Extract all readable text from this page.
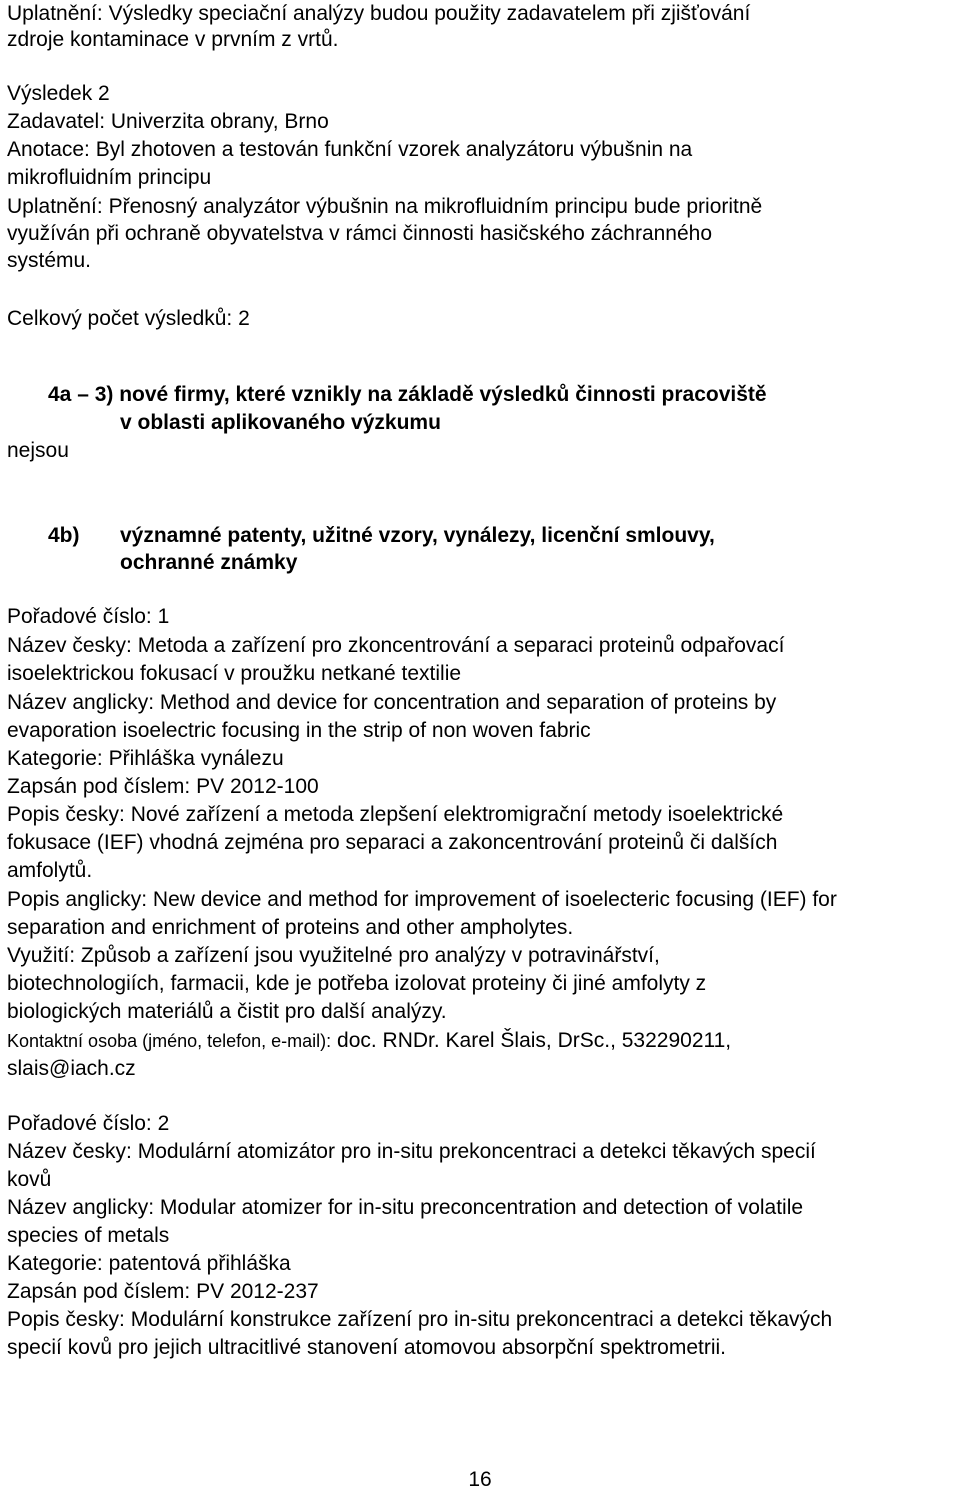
Uplatnění: Výsledky speciační analýzy budou použity zadavatelem při zjišťování
zdroje kontaminace v prvním z vrtů.
Výsledek 2
Zadavatel: Univerzita obrany, Brno
Anotace: Byl zhotoven a testován funkční vzorek analyzátoru výbušnin na
mikrofluidním principu
Uplatnění: Přenosný analyzátor výbušnin na mikrofluidním principu bude prioritně
využíván při ochraně obyvatelstva v rámci činnosti hasičského záchranného
systému.
Celkový počet výsledků: 2
4a – 3) nové firmy, které vznikly na základě výsledků činnosti pracoviště
v oblasti aplikovaného výzkumu
nejsou
4b) významné patenty, užitné vzory, vynálezy, licenční smlouvy,
ochranné známky
Pořadové číslo: 1
Název česky: Metoda a zařízení pro zkoncentrování a separaci proteinů odpařovací
isoelektrickou fokusací v proužku netkané textilie
Název anglicky: Method and device for concentration and separation of proteins by
evaporation isoelectric focusing in the strip of non woven fabric
Kategorie: Přihláška vynálezu
Zapsán pod číslem: PV 2012-100
Popis česky: Nové zařízení a metoda zlepšení elektromigrační metody isoelektrické
fokusace (IEF) vhodná zejména pro separaci a zakoncentrování proteinů či dalších
amfolytů.
Popis anglicky: New device and method for improvement of isoelecteric focusing (IEF) for
separation and enrichment of proteins and other ampholytes.
Využití: Způsob a zařízení jsou využitelné pro analýzy v potravinářství,
biotechnologiích, farmacii, kde je potřeba izolovat proteiny či jiné amfolyty z
biologických materiálů a čistit pro další analýzy.
Kontaktní osoba (jméno, telefon, e-mail): doc. RNDr. Karel Šlais, DrSc., 532290211,
slais@iach.cz
Pořadové číslo: 2
Název česky: Modulární atomizátor pro in-situ prekoncentraci a detekci těkavých specií
kovů
Název anglicky: Modular atomizer for in-situ preconcentration and detection of volatile
species of metals
Kategorie: patentová přihláška
Zapsán pod číslem: PV 2012-237
Popis česky: Modulární konstrukce zařízení pro in-situ prekoncentraci a detekci těkavých
specií kovů pro jejich ultracitlivé stanovení atomovou absorpční spektrometrii.
16
